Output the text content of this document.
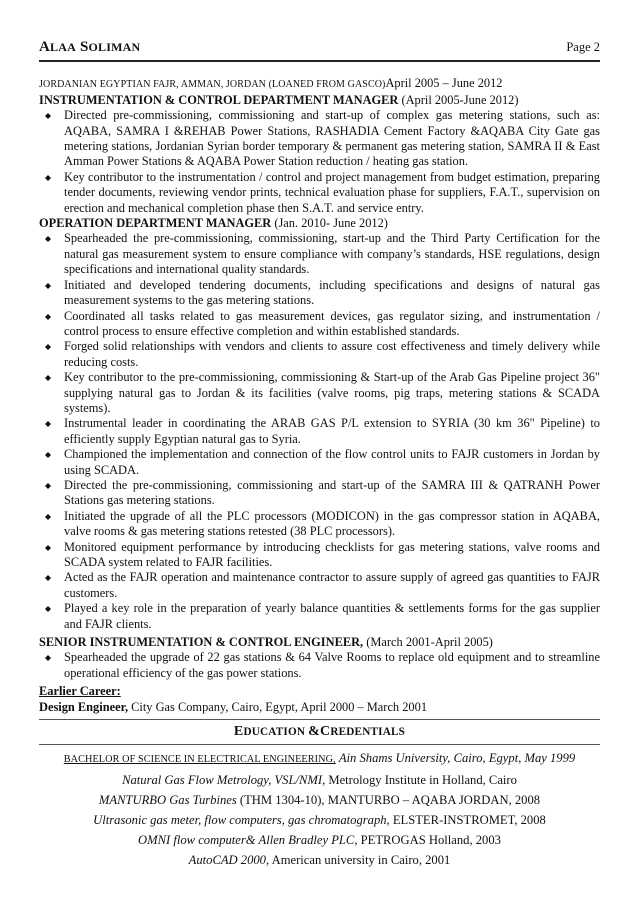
ALAA SOLIMAN	Page 2
JORDANIAN EGYPTIAN FAJR, AMMAN, JORDAN (LOANED FROM GASCO)April 2005 – June 2012
INSTRUMENTATION & CONTROL DEPARTMENT MANAGER (April 2005-June 2012)
Directed pre-commissioning, commissioning and start-up of complex gas metering stations, such as: AQABA, SAMRA I &REHAB Power Stations, RASHADIA Cement Factory &AQABA City Gate gas metering stations, Jordanian Syrian border temporary & permanent gas metering station, SAMRA II & East Amman Power Stations & AQABA Power Station reduction / heating gas station.
Key contributor to the instrumentation / control and project management from budget estimation, preparing tender documents, reviewing vendor prints, technical evaluation phase for suppliers, F.A.T., supervision on erection and mechanical completion phase then S.A.T. and service entry.
OPERATION DEPARTMENT MANAGER (Jan. 2010- June 2012)
Spearheaded the pre-commissioning, commissioning, start-up and the Third Party Certification for the natural gas measurement system to ensure compliance with company’s standards, HSE regulations, design specifications and international quality standards.
Initiated and developed tendering documents, including specifications and designs of natural gas measurement systems to the gas metering stations.
Coordinated all tasks related to gas measurement devices, gas regulator sizing, and instrumentation / control process to ensure effective completion and within established standards.
Forged solid relationships with vendors and clients to assure cost effectiveness and timely delivery while reducing costs.
Key contributor to the pre-commissioning, commissioning & Start-up of the Arab Gas Pipeline project 36" supplying natural gas to Jordan & its facilities (valve rooms, pig traps, metering stations & SCADA systems).
Instrumental leader in coordinating the ARAB GAS P/L extension to SYRIA (30 km 36" Pipeline) to efficiently supply Egyptian natural gas to Syria.
Championed the implementation and connection of the flow control units to FAJR customers in Jordan by using SCADA.
Directed the pre-commissioning, commissioning and start-up of the SAMRA III & QATRANH Power Stations gas metering stations.
Initiated the upgrade of all the PLC processors (MODICON) in the gas compressor station in AQABA, valve rooms & gas metering stations retested (38 PLC processors).
Monitored equipment performance by introducing checklists for gas metering stations, valve rooms and SCADA system related to FAJR facilities.
Acted as the FAJR operation and maintenance contractor to assure supply of agreed gas quantities to FAJR customers.
Played a key role in the preparation of yearly balance quantities & settlements forms for the gas supplier and FAJR clients.
SENIOR INSTRUMENTATION & CONTROL ENGINEER, (March 2001-April 2005)
Spearheaded the upgrade of 22 gas stations & 64 Valve Rooms to replace old equipment and to streamline operational efficiency of the gas power stations.
Earlier Career:
Design Engineer, City Gas Company, Cairo, Egypt, April 2000 – March 2001
EDUCATION &CREDENTIALS
BACHELOR OF SCIENCE IN ELECTRICAL ENGINEERING, Ain Shams University, Cairo, Egypt, May 1999
Natural Gas Flow Metrology, VSL/NMI, Metrology Institute in Holland, Cairo
MANTURBO Gas Turbines (THM 1304-10), MANTURBO – AQABA JORDAN, 2008
Ultrasonic gas meter, flow computers, gas chromatograph, ELSTER-INSTROMET, 2008
OMNI flow computer& Allen Bradley PLC, PETROGAS Holland, 2003
AutoCAD 2000, American university in Cairo, 2001
